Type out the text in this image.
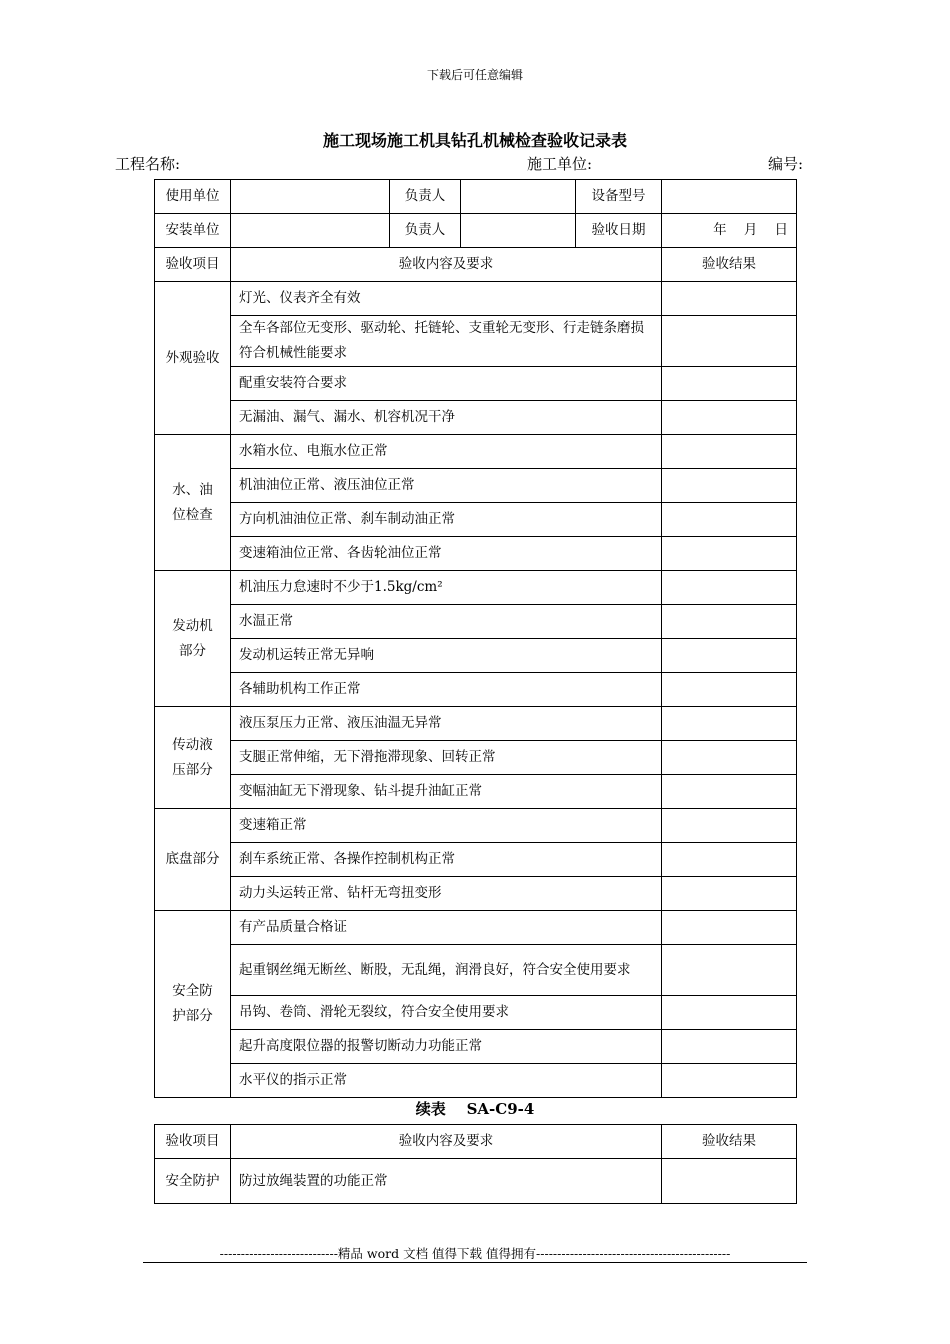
下载后可任意编辑
施工现场施工机具钻孔机械检查验收记录表
工程名称:	施工单位:	编号:
使用单位		负责人		设备型号	
安装单位		负责人		验收日期	年    月    日
验收项目	验收内容及要求				验收结果
外观验收	灯光、仪表齐全有效				
	全车各部位无变形、驱动轮、托链轮、支重轮无变形、行走链条磨损符合机械性能要求				
	配重安装符合要求				
	无漏油、漏气、漏水、机容机况干净				
水、油
位检查	水箱水位、电瓶水位正常				
	机油油位正常、液压油位正常				
	方向机油油位正常、刹车制动油正常				
	变速箱油位正常、各齿轮油位正常				
发动机
部分	机油压力怠速时不少于1.5kg/cm²				
	水温正常				
	发动机运转正常无异响				
	各辅助机构工作正常				
传动液
压部分	液压泵压力正常、液压油温无异常				
	支腿正常伸缩，无下滑拖滞现象、回转正常				
	变幅油缸无下滑现象、钻斗提升油缸正常				
底盘部分	变速箱正常				
	刹车系统正常、各操作控制机构正常				
	动力头运转正常、钻杆无弯扭变形				
安全防
护部分	有产品质量合格证				
	起重钢丝绳无断丝、断股，无乱绳，润滑良好，符合安全使用要求				
	吊钩、卷筒、滑轮无裂纹，符合安全使用要求				
	起升高度限位器的报警切断动力功能正常				
	水平仪的指示正常				
续表    SA-C9-4
验收项目	验收内容及要求	验收结果
安全防护	防过放绳装置的功能正常	
----------------------------精品 word 文档 值得下载 值得拥有----------------------------------------------
